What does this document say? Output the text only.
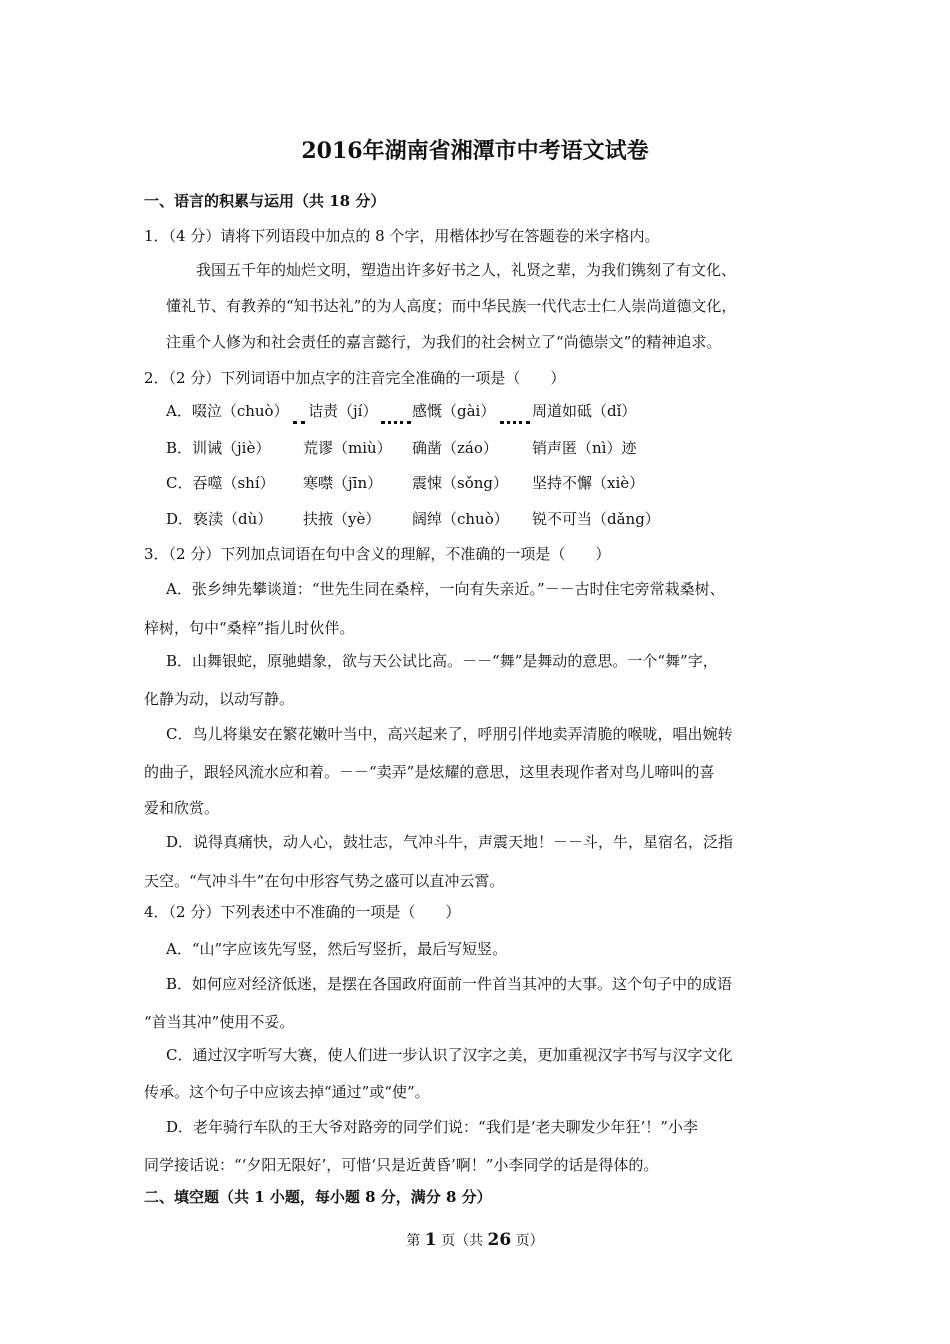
2016年湖南省湘潭市中考语文试卷
一、语言的积累与运用（共 18 分）
1．（4 分）请将下列语段中加点的 8 个字，用楷体抄写在答题卷的米字格内。
我国五千年的灿烂文明，塑造出许多好书之人，礼贤之辈，为我们镌刻了有文化、
懂礼节、有教养的“知书达礼”的为人高度；而中华民族一代代志士仁人崇尚道德文化，
注重个人修为和社会责任的嘉言懿行，为我们的社会树立了“尚德崇文”的精神追求。
2．（2 分）下列词语中加点字的注音完全准确的一项是（　　）
A．啜泣（chuò） 诘责（jí） 感慨（gài） 周道如砥（dǐ）
B．训诫（jiè） 荒谬（miù） 确凿（záo） 销声匿（nì）迹
C．吞噬（shí） 寒噤（jīn） 震悚（sǒng） 坚持不懈（xiè）
D．亵渎（dù） 扶掖（yè） 阔绰（chuò） 锐不可当（dǎng）
3．（2 分）下列加点词语在句中含义的理解，不准确的一项是（　　）
A．张乡绅先攀谈道：“世先生同在桑梓，一向有失亲近。”－－古时住宅旁常栽桑树、
梓树，句中“桑梓”指儿时伙伴。
B．山舞银蛇，原驰蜡象，欲与天公试比高。－－“舞”是舞动的意思。一个“舞”字，
化静为动，以动写静。
C．鸟儿将巢安在繁花嫩叶当中，高兴起来了，呼朋引伴地卖弄清脆的喉咙，唱出婉转
的曲子，跟轻风流水应和着。－－“卖弄”是炫耀的意思，这里表现作者对鸟儿啼叫的喜
爱和欣赏。
D．说得真痛快，动人心，鼓壮志，气冲斗牛，声震天地！－－斗，牛，星宿名，泛指
天空。“气冲斗牛”在句中形容气势之盛可以直冲云霄。
4．（2 分）下列表述中不准确的一项是（　　）
A．“山”字应该先写竖，然后写竖折，最后写短竖。
B．如何应对经济低迷，是摆在各国政府面前一件首当其冲的大事。这个句子中的成语
“首当其冲”使用不妥。
C．通过汉字听写大赛，使人们进一步认识了汉字之美，更加重视汉字书写与汉字文化
传承。这个句子中应该去掉“通过”或“使”。
D．老年骑行车队的王大爷对路旁的同学们说：“我们是‘老夫聊发少年狂’！”小李
同学接话说：“‘夕阳无限好’，可惜‘只是近黄昏’啊！”小李同学的话是得体的。
二、填空题（共 1 小题，每小题 8 分，满分 8 分）
第 1 页（共 26 页）
